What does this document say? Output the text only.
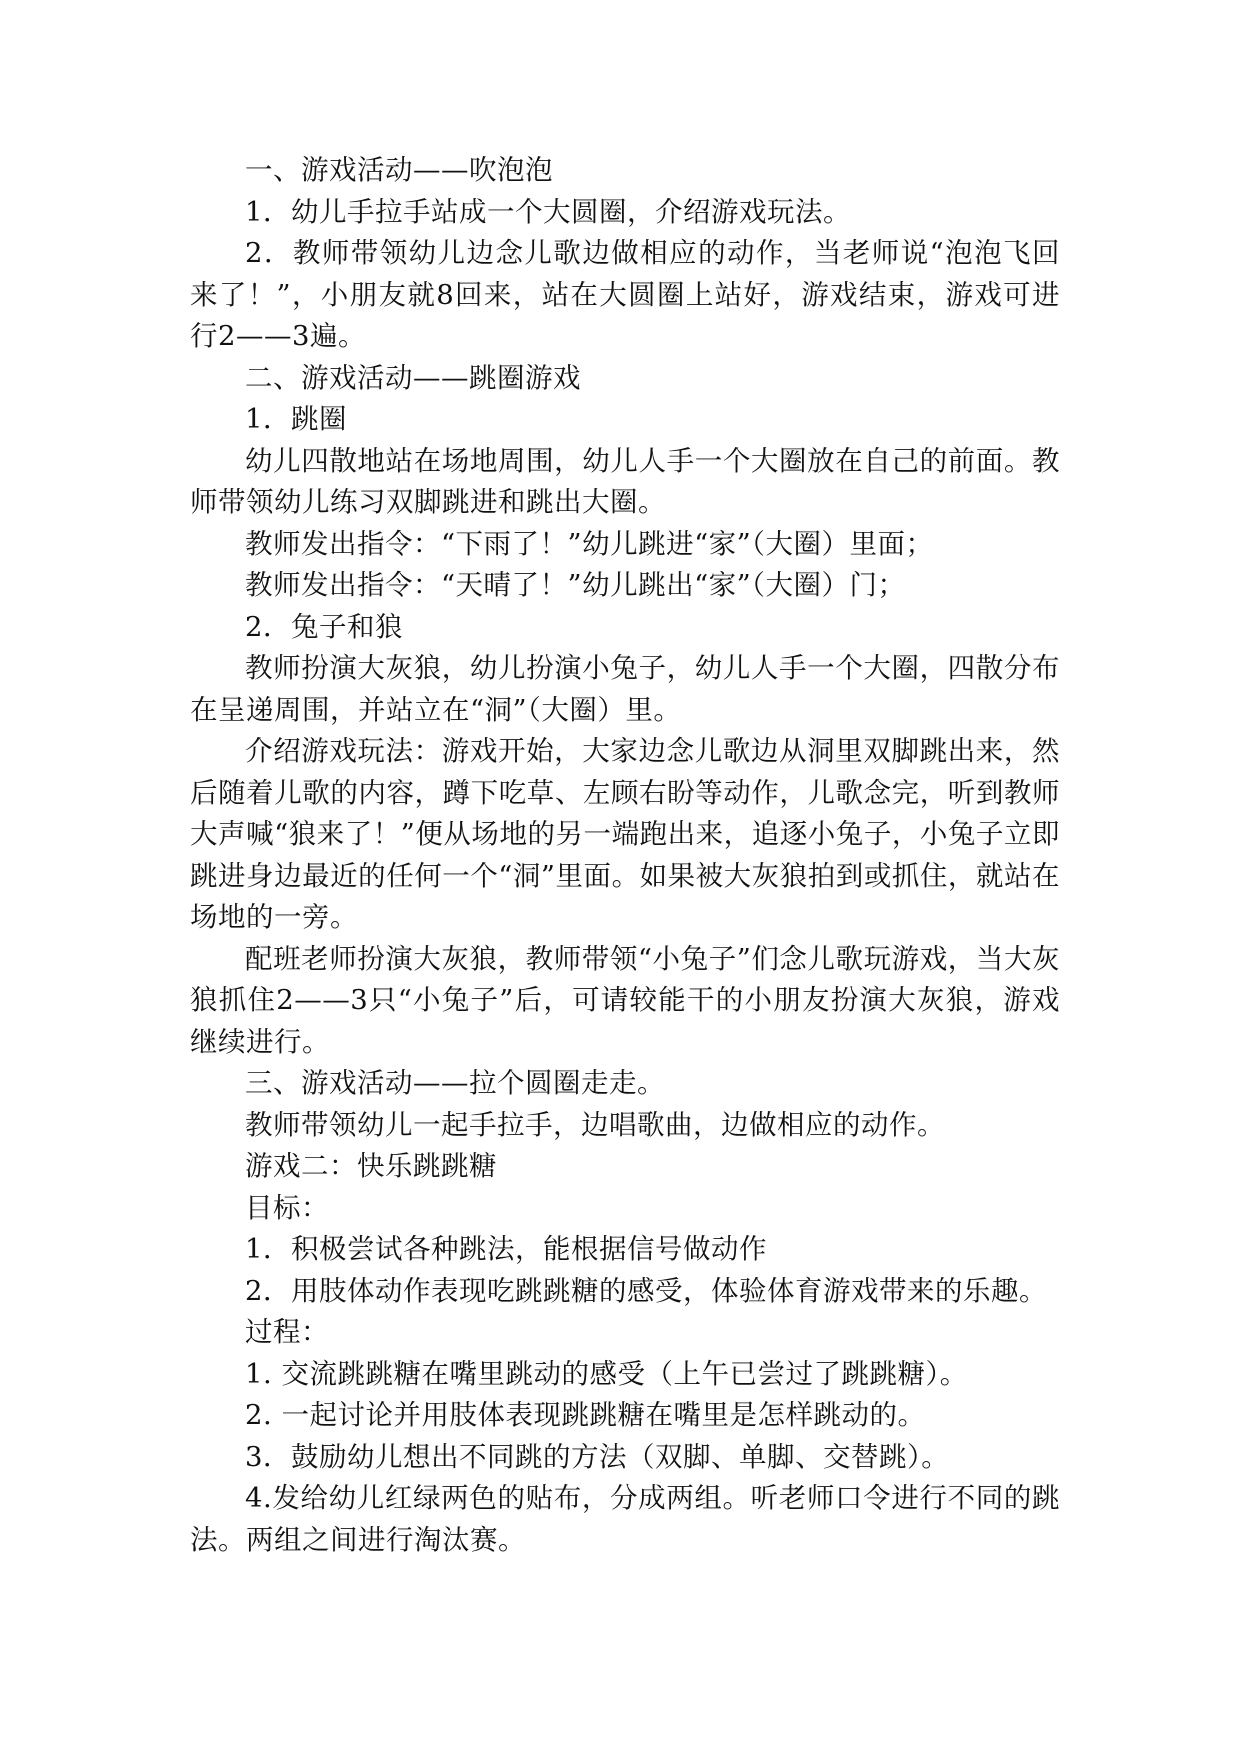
一、游戏活动——吹泡泡

1．幼儿手拉手站成一个大圆圈，介绍游戏玩法。

2．教师带领幼儿边念儿歌边做相应的动作，当老师说“泡泡飞回来了！”，小朋友就8回来，站在大圆圈上站好，游戏结束，游戏可进行2——3遍。

二、游戏活动——跳圈游戏

1．跳圈

幼儿四散地站在场地周围，幼儿人手一个大圈放在自己的前面。教师带领幼儿练习双脚跳进和跳出大圈。

教师发出指令：“下雨了！”幼儿跳进“家”（大圈）里面；

教师发出指令：“天晴了！”幼儿跳出“家”（大圈）门；

2．兔子和狼

教师扮演大灰狼，幼儿扮演小兔子，幼儿人手一个大圈，四散分布在呈递周围，并站立在“洞”（大圈）里。

介绍游戏玩法：游戏开始，大家边念儿歌边从洞里双脚跳出来，然后随着儿歌的内容，蹲下吃草、左顾右盼等动作，儿歌念完，听到教师大声喊“狼来了！”便从场地的另一端跑出来，追逐小兔子，小兔子立即跳进身边最近的任何一个“洞”里面。如果被大灰狼拍到或抓住，就站在场地的一旁。

配班老师扮演大灰狼，教师带领“小兔子”们念儿歌玩游戏，当大灰狼抓住2——3只“小兔子”后，可请较能干的小朋友扮演大灰狼，游戏继续进行。

三、游戏活动——拉个圆圈走走。

教师带领幼儿一起手拉手，边唱歌曲，边做相应的动作。

游戏二：快乐跳跳糖

目标：

1．积极尝试各种跳法，能根据信号做动作

2．用肢体动作表现吃跳跳糖的感受，体验体育游戏带来的乐趣。

过程：

1. 交流跳跳糖在嘴里跳动的感受（上午已尝过了跳跳糖）。

2. 一起讨论并用肢体表现跳跳糖在嘴里是怎样跳动的。

3．鼓励幼儿想出不同跳的方法（双脚、单脚、交替跳）。

4.发给幼儿红绿两色的贴布，分成两组。听老师口令进行不同的跳法。两组之间进行淘汰赛。
